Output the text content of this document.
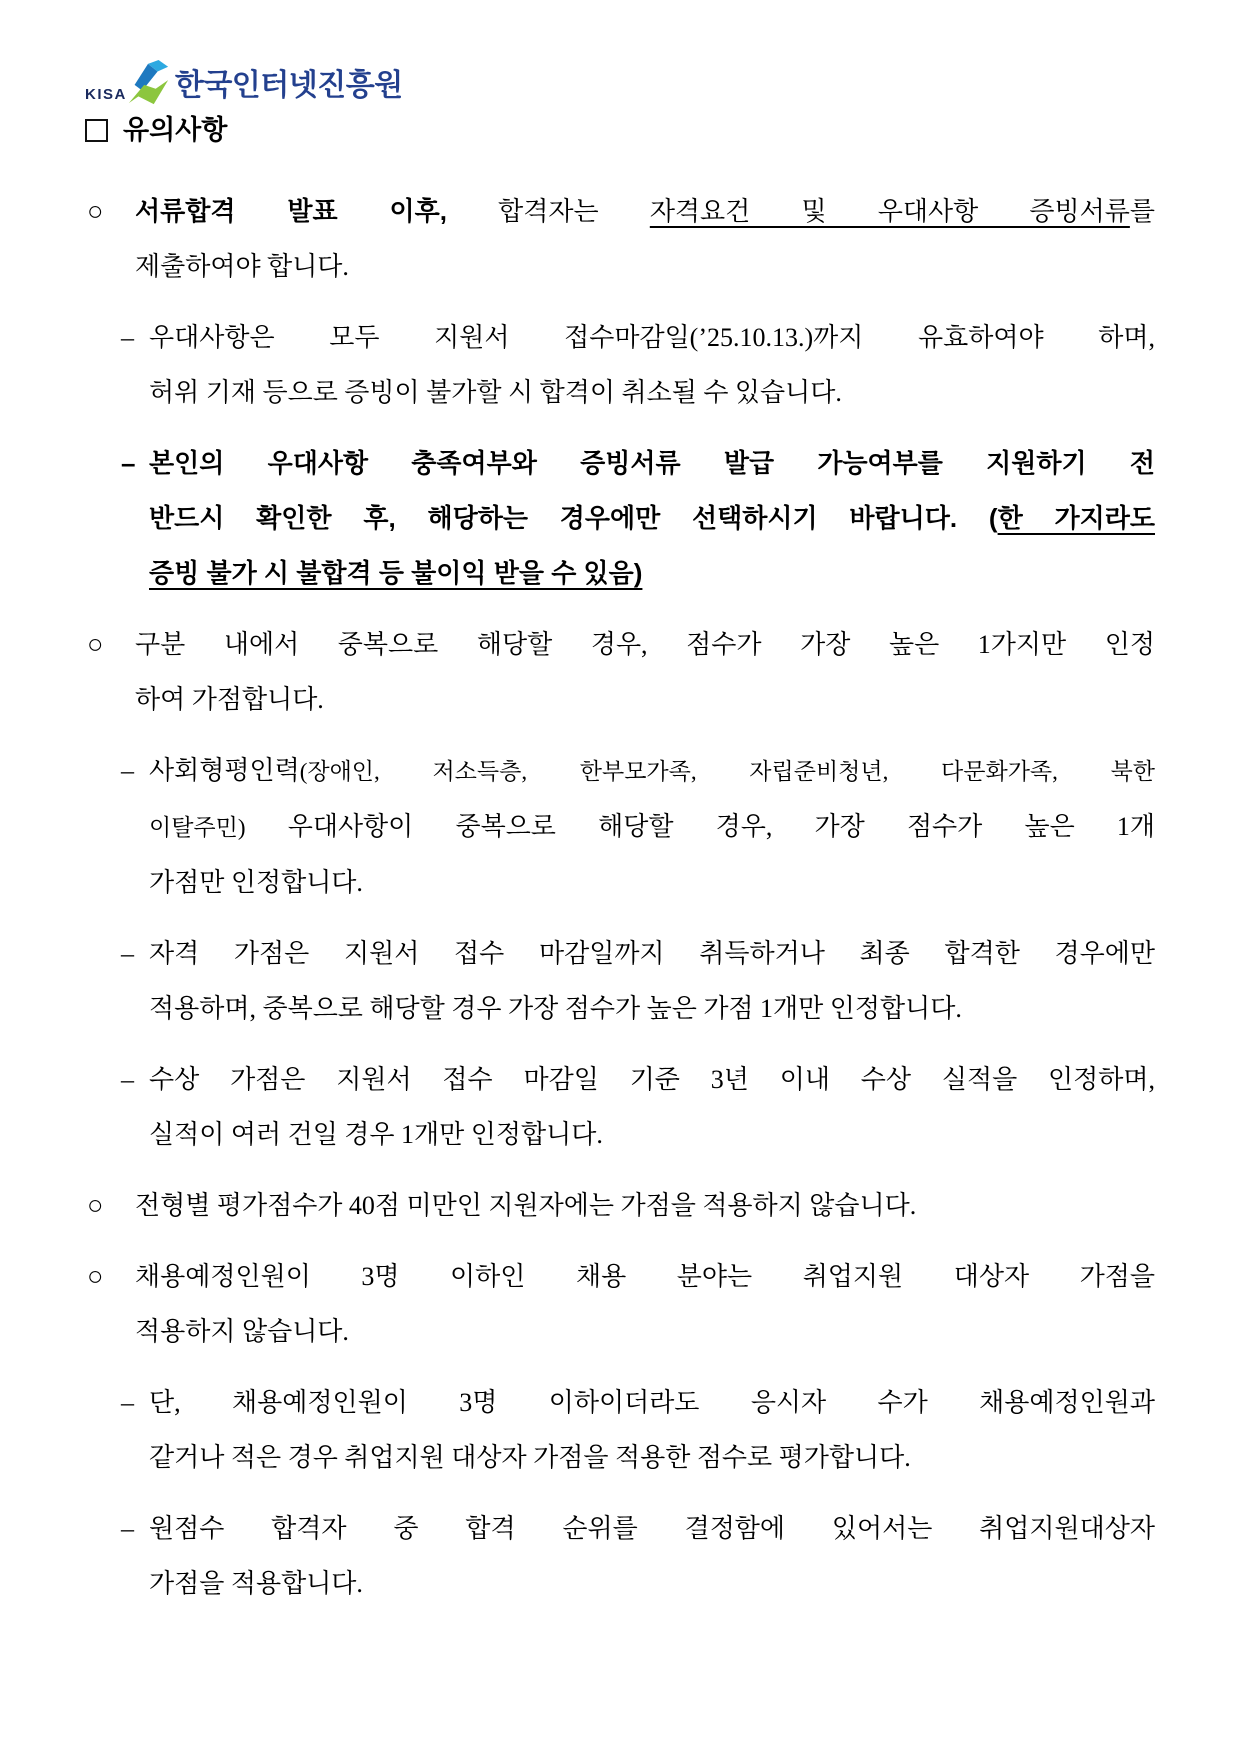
KISA 한국인터넷진흥원
유의사항
○ 서류합격 발표 이후, 합격자는 자격요건 및 우대사항 증빙서류를
제출하여야 합니다.
– 우대사항은 모두 지원서 접수마감일(’25.10.13.)까지 유효하여야 하며,
허위 기재 등으로 증빙이 불가할 시 합격이 취소될 수 있습니다.
– 본인의 우대사항 충족여부와 증빙서류 발급 가능여부를 지원하기 전
반드시 확인한 후, 해당하는 경우에만 선택하시기 바랍니다. (한 가지라도
증빙 불가 시 불합격 등 불이익 받을 수 있음)
○ 구분 내에서 중복으로 해당할 경우, 점수가 가장 높은 1가지만 인정
하여 가점합니다.
– 사회형평인력(장애인, 저소득층, 한부모가족, 자립준비청년, 다문화가족, 북한
이탈주민) 우대사항이 중복으로 해당할 경우, 가장 점수가 높은 1개
가점만 인정합니다.
– 자격 가점은 지원서 접수 마감일까지 취득하거나 최종 합격한 경우에만
적용하며, 중복으로 해당할 경우 가장 점수가 높은 가점 1개만 인정합니다.
– 수상 가점은 지원서 접수 마감일 기준 3년 이내 수상 실적을 인정하며,
실적이 여러 건일 경우 1개만 인정합니다.
○ 전형별 평가점수가 40점 미만인 지원자에는 가점을 적용하지 않습니다.
○ 채용예정인원이 3명 이하인 채용 분야는 취업지원 대상자 가점을
적용하지 않습니다.
– 단, 채용예정인원이 3명 이하이더라도 응시자 수가 채용예정인원과
같거나 적은 경우 취업지원 대상자 가점을 적용한 점수로 평가합니다.
– 원점수 합격자 중 합격 순위를 결정함에 있어서는 취업지원대상자
가점을 적용합니다.
